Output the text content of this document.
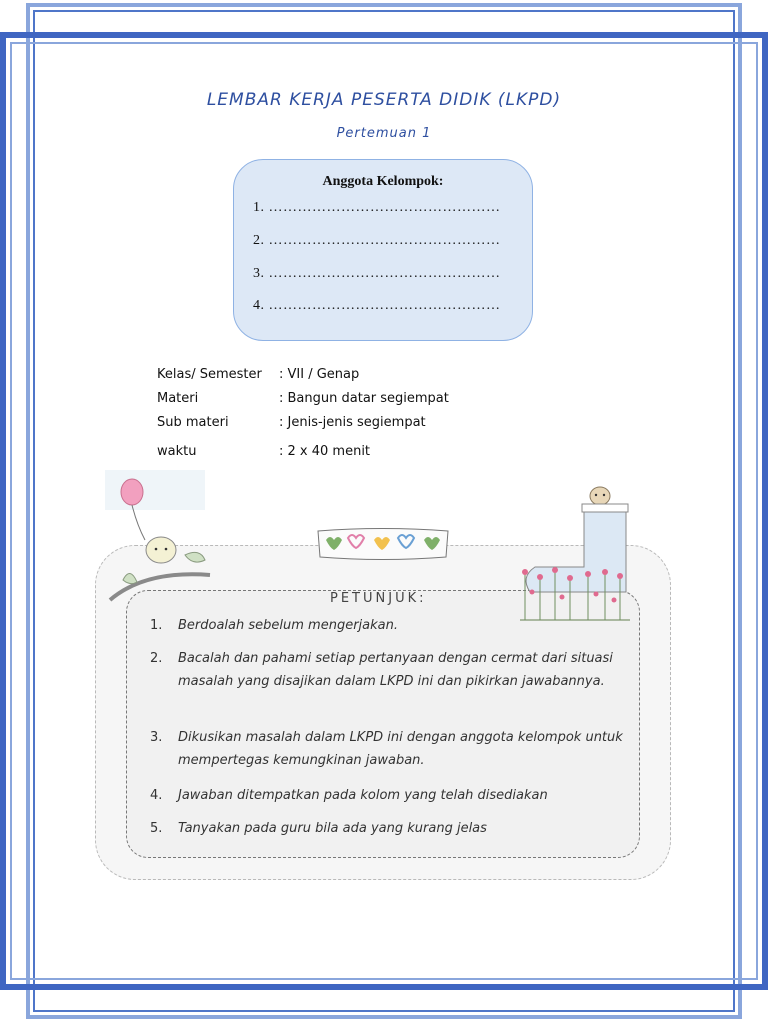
LEMBAR KERJA PESERTA DIDIK (LKPD)
Pertemuan 1
Anggota Kelompok:
1. …………………………………………
2. …………………………………………
3. …………………………………………
4. …………………………………………
Kelas/ Semester : VII / Genap
Materi	: Bangun datar segiempat
Sub materi	: Jenis-jenis segiempat
waktu	: 2 x 40 menit
PETUNJUK:
1. Berdoalah sebelum mengerjakan.
2. Bacalah dan pahami setiap pertanyaan dengan cermat dari situasi masalah yang disajikan dalam LKPD ini dan pikirkan jawabannya.
3. Dikusikan masalah dalam LKPD ini dengan anggota kelompok untuk mempertegas kemungkinan jawaban.
4. Jawaban ditempatkan pada kolom yang telah disediakan
5. Tanyakan pada guru bila ada yang kurang jelas
